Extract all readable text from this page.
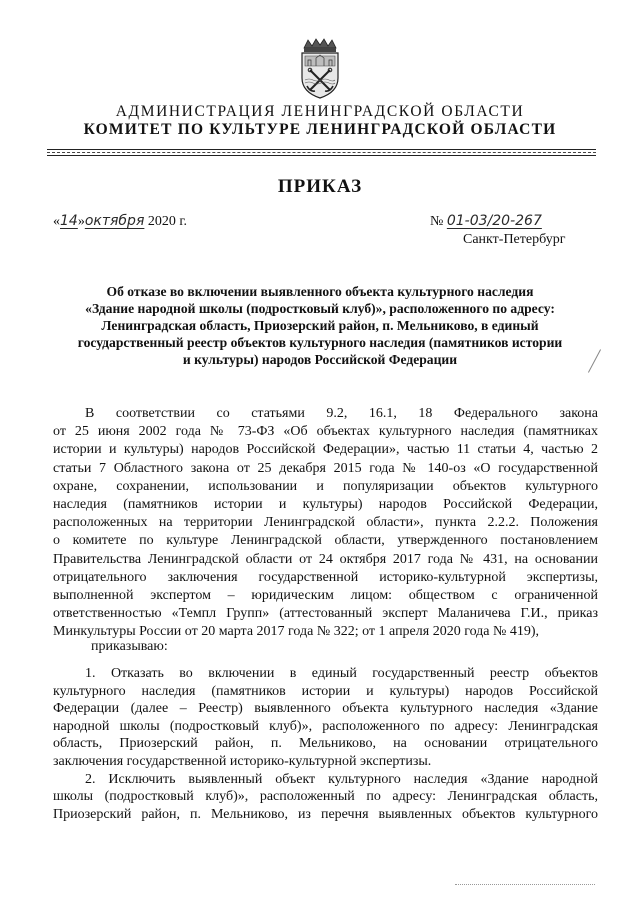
АДМИНИСТРАЦИЯ ЛЕНИНГРАДСКОЙ ОБЛАСТИ
КОМИТЕТ ПО КУЛЬТУРЕ ЛЕНИНГРАДСКОЙ ОБЛАСТИ
ПРИКАЗ
«14»октября 2020 г.	№ 01-03/20-267
Санкт-Петербург
Об отказе во включении выявленного объекта культурного наследия
«Здание народной школы (подростковый клуб)», расположенного по адресу:
Ленинградская область, Приозерский район, п. Мельниково, в единый
государственный реестр объектов культурного наследия (памятников истории
и культуры) народов Российской Федерации

В соответствии со статьями 9.2, 16.1, 18 Федерального закона
от 25 июня 2002 года № 73-ФЗ «Об объектах культурного наследия (памятниках
истории и культуры) народов Российской Федерации», частью 11 статьи 4, частью 2
статьи 7 Областного закона от 25 декабря 2015 года № 140-оз «О государственной
охране, сохранении, использовании и популяризации объектов культурного
наследия (памятников истории и культуры) народов Российской Федерации,
расположенных на территории Ленинградской области», пункта 2.2.2. Положения
о комитете по культуре Ленинградской области, утвержденного постановлением
Правительства Ленинградской области от 24 октября 2017 года № 431, на основании
отрицательного заключения государственной историко-культурной экспертизы,
выполненной экспертом – юридическим лицом: обществом с ограниченной
ответственностью «Темпл Групп» (аттестованный эксперт Маланичева Г.И., приказ
Минкультуры России от 20 марта 2017 года № 322; от 1 апреля 2020 года № 419),

приказываю:
1. Отказать во включении в единый государственный реестр объектов
культурного наследия (памятников истории и культуры) народов Российской
Федерации (далее – Реестр) выявленного объекта культурного наследия «Здание
народной школы (подростковый клуб)», расположенного по адресу: Ленинградская
область, Приозерский район, п. Мельниково, на основании отрицательного
заключения государственной историко-культурной экспертизы.
2. Исключить выявленный объект культурного наследия «Здание народной
школы (подростковый клуб)», расположенный по адресу: Ленинградская область,
Приозерский район, п. Мельниково, из перечня выявленных объектов культурного
